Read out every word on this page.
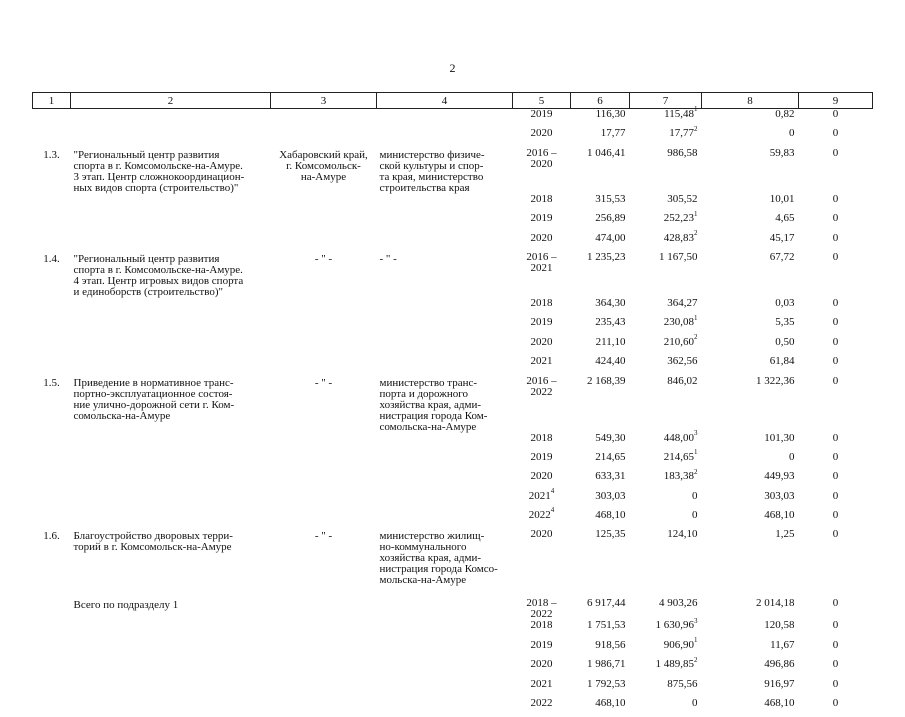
2
1	2	3	4	5	6	7	8	9
				2019	116,30	115,48$^1$	0,82	0
				2020	17,77	17,77$^2$	0	0
1.3.	"Региональный центр развития
спорта в г. Комсомольске-на-Амуре.
3 этап. Центр сложнокоординацион-
ных видов спорта (строительство)"	Хабаровский край,
г. Комсомольск-
на-Амуре	министерство физиче-
ской культуры и спор-
та края, министерство
строительства края	2016 –
2020	1 046,41	986,58	59,83	0
				2018	315,53	305,52	10,01	0
				2019	256,89	252,23$^1$	4,65	0
				2020	474,00	428,83$^2$	45,17	0
1.4.	"Региональный центр развития
спорта в г. Комсомольске-на-Амуре.
4 этап. Центр игровых видов спорта
и единоборств (строительство)"	- " -	- " -	2016 –
2021	1 235,23	1 167,50	67,72	0
				2018	364,30	364,27	0,03	0
				2019	235,43	230,08$^1$	5,35	0
				2020	211,10	210,60$^2$	0,50	0
				2021	424,40	362,56	61,84	0
1.5.	Приведение в нормативное транс-
портно-эксплуатационное состоя-
ние улично-дорожной сети г. Ком-
сомольска-на-Амуре	- " -	министерство транс-
порта и дорожного
хозяйства края, адми-
нистрация города Ком-
сомольска-на-Амуре	2016 –
2022	2 168,39	846,02	1 322,36	0
				2018	549,30	448,00$^3$	101,30	0
				2019	214,65	214,65$^1$	0	0
				2020	633,31	183,38$^2$	449,93	0
				2021$^4$	303,03	0	303,03	0
				2022$^4$	468,10	0	468,10	0
1.6.	Благоустройство дворовых терри-
торий в г. Комсомольск-на-Амуре	- " -	министерство жилищ-
но-коммунального
хозяйства края, адми-
нистрация города Комсо-
мольска-на-Амуре	2020	125,35	124,10	1,25	0
	Всего по подразделу 1			2018 –
2022	6 917,44	4 903,26	2 014,18	0
				2018	1 751,53	1 630,96$^3$	120,58	0
				2019	918,56	906,90$^1$	11,67	0
				2020	1 986,71	1 489,85$^2$	496,86	0
				2021	1 792,53	875,56	916,97	0
				2022	468,10	0	468,10	0
